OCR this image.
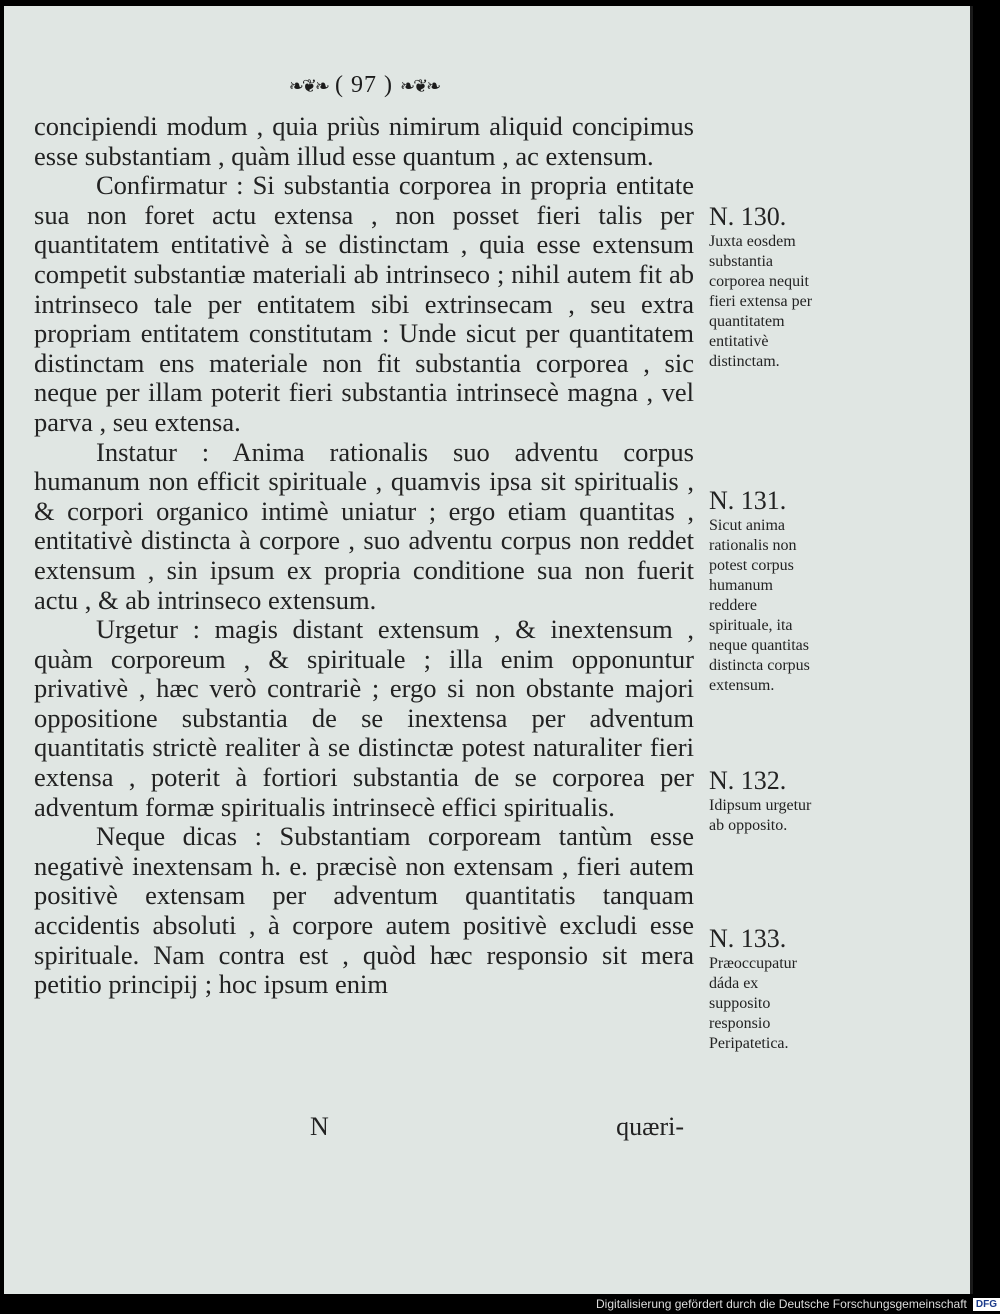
❧❦❧ ( 97 ) ❧❦❧

concipiendi modum , quia priùs nimirum aliquid concipimus esse substantiam , quàm illud esse quantum , ac extensum.

Confirmatur : Si substantia corporea in propria entitate sua non foret actu extensa , non posset fieri talis per quantitatem entitativè à se distinctam , quia esse extensum competit substantiæ materiali ab intrinseco ; nihil autem fit ab intrinseco tale per entitatem sibi extrinsecam , seu extra propriam entitatem constitutam : Unde sicut per quantitatem distinctam ens materiale non fit substantia corporea , sic neque per illam poterit fieri substantia intrinsecè magna , vel parva , seu extensa.

Instatur : Anima rationalis suo adventu corpus humanum non efficit spirituale , quamvis ipsa sit spiritualis , & corpori organico intimè uniatur ; ergo etiam quantitas , entitativè distincta à corpore , suo adventu corpus non reddet extensum , sin ipsum ex propria conditione sua non fuerit actu , & ab intrinseco extensum.

Urgetur : magis distant extensum , & inextensum , quàm corporeum , & spirituale ; illa enim opponuntur privativè , hæc verò contrariè ; ergo si non obstante majori oppositione substantia de se inextensa per adventum quantitatis strictè realiter à se distinctæ potest naturaliter fieri extensa , poterit à fortiori substantia de se corporea per adventum formæ spiritualis intrinsecè effici spiritualis.

Neque dicas : Substantiam corpoream tantùm esse negativè inextensam h. e. præcisè non extensam , fieri autem positivè extensam per adventum quantitatis tanquam accidentis absoluti , à corpore autem positivè excludi esse spirituale. Nam contra est , quòd hæc responsio sit mera petitio principij ; hoc ipsum enim

N	quæri-
N. 130.
Juxta eosdem substantia corporea nequit fieri extensa per quantitatem entitativè distinctam.
N. 131.
Sicut anima rationalis non potest corpus humanum reddere spirituale, ita neque quantitas distincta corpus extensum.
N. 132.
Idipsum urgetur ab opposito.
N. 133.
Præoccupatur dáda ex supposito responsio Peripatetica.
Digitalisierung gefördert durch die Deutsche Forschungsgemeinschaft DFG
